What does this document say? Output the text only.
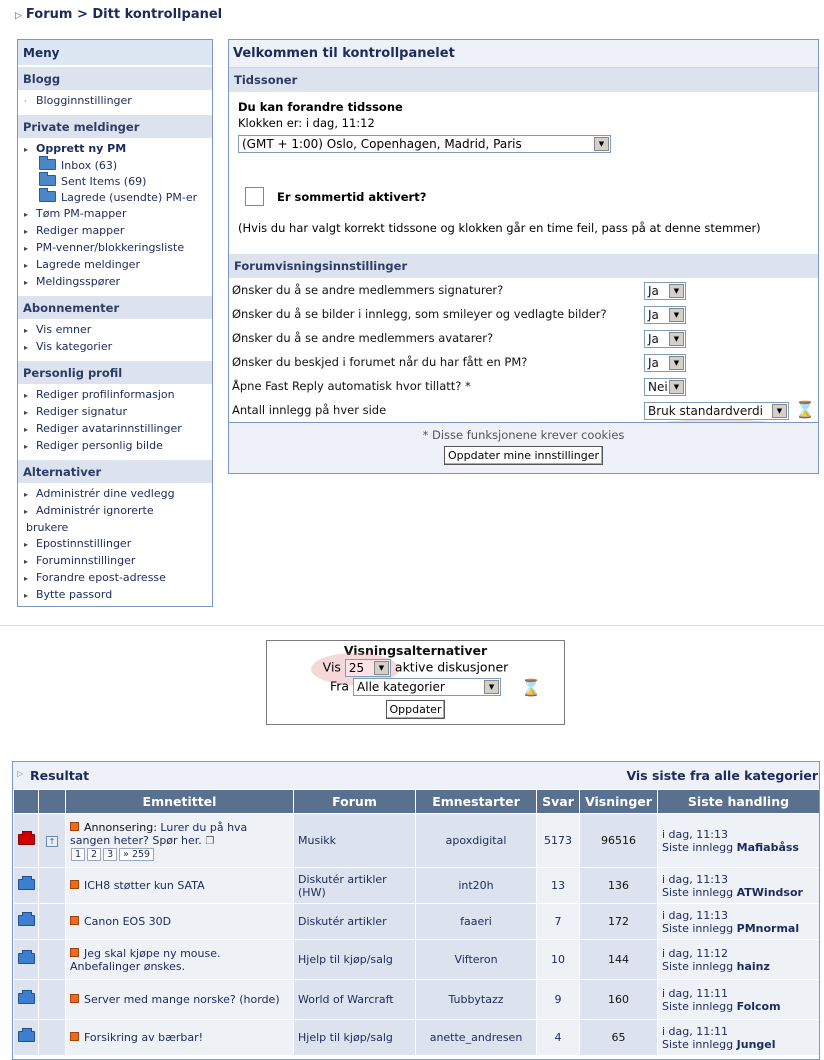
▷ Forum > Ditt kontrollpanel
Meny
Blogg
· Blogginnstillinger
Private meldinger
▸ Opprett ny PM
Inbox (63)
Sent Items (69)
Lagrede (usendte) PM-er
▸ Tøm PM-mapper
▸ Rediger mapper
▸ PM-venner/blokkeringsliste
▸ Lagrede meldinger
▸ Meldingsspører
Abonnementer
▸ Vis emner
▸ Vis kategorier
Personlig profil
▸ Rediger profilinformasjon
▸ Rediger signatur
▸ Rediger avatarinnstillinger
▸ Rediger personlig bilde
Alternativer
▸ Administrér dine vedlegg
▸ Administrér ignorerte
brukere
▸ Epostinnstillinger
▸ Foruminnstillinger
▸ Forandre epost-adresse
▸ Bytte passord
Velkommen til kontrollpanelet
Tidssoner
Du kan forandre tidssone
Klokken er: i dag, 11:12
(GMT + 1:00) Oslo, Copenhagen, Madrid, Paris	▼
Er sommertid aktivert?
(Hvis du har valgt korrekt tidssone og klokken går en time feil, pass på at denne stemmer)
Forumvisningsinnstillinger
Ønsker du å se andre medlemmers signaturer?	Ja	▼
Ønsker du å se bilder i innlegg, som smileyer og vedlagte bilder?	Ja	▼
Ønsker du å se andre medlemmers avatarer?	Ja	▼
Ønsker du beskjed i forumet når du har fått en PM?	Ja	▼
Åpne Fast Reply automatisk hvor tillatt? *	Nei ▼
Antall innlegg på hver side	Bruk standardverdi	▼ ⌛
* Disse funksjonene krever cookies
Oppdater mine innstillinger
Visningsalternativer
Vis 25	▼ aktive diskusjoner
Fra Alle kategorier	▼	⌛
Oppdater
▷ Resultat	Vis siste fra alle kategorier
		Emnetittel	Forum	Emnestarter	Svar	Visninger	Siste handling
	↑	Annonsering: Lurer du på hva sangen heter? Spør her. ❐
1 2 3 » 259	Musikk	apoxdigital	5173	96516	i dag, 11:13
Siste innlegg Mafiabåss
		ICH8 støtter kun SATA	Diskutér artikler (HW)	int20h	13	136	i dag, 11:13
Siste innlegg ATWindsor
		Canon EOS 30D	Diskutér artikler	faaeri	7	172	i dag, 11:13
Siste innlegg PMnormal
		Jeg skal kjøpe ny mouse. Anbefalinger ønskes.	Hjelp til kjøp/salg	Vifteron	10	144	i dag, 11:12
Siste innlegg hainz
		Server med mange norske? (horde)	World of Warcraft	Tubbytazz	9	160	i dag, 11:11
Siste innlegg Folcom
		Forsikring av bærbar!	Hjelp til kjøp/salg	anette_andresen	4	65	i dag, 11:11
Siste innlegg Jungel
